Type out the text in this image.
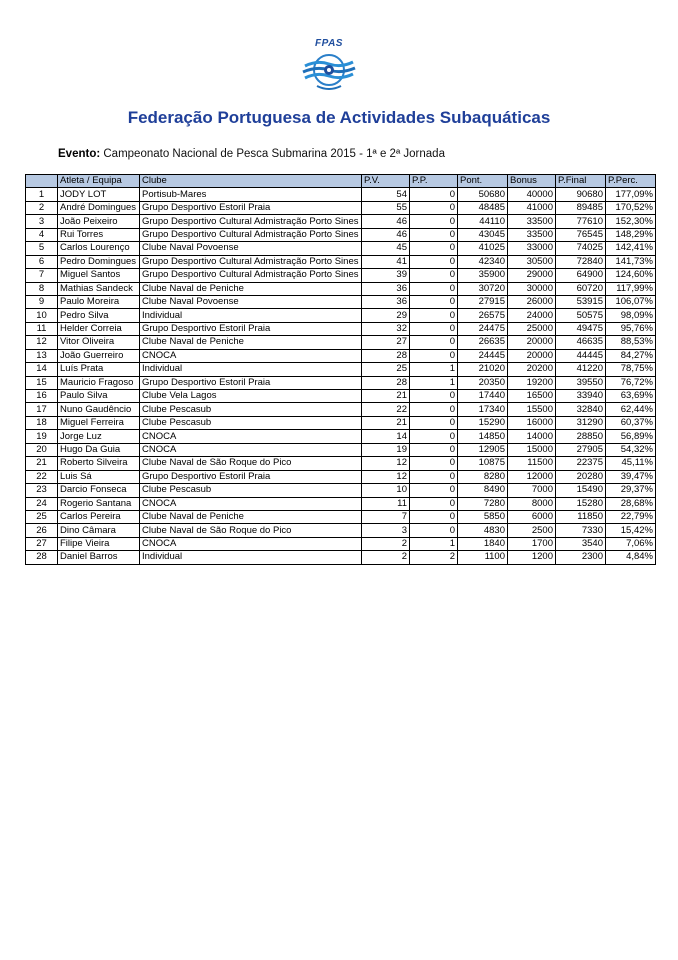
FPAS
Federação Portuguesa de Actividades Subaquáticas
Evento: Campeonato Nacional de Pesca Submarina 2015 - 1ª e 2ª Jornada
	Atleta / Equipa	Clube	P.V.	P.P.	Pont.	Bonus	P.Final	P.Perc.
1	JODY LOT	Portisub-Mares	54	0	50680	40000	90680	177,09%
2	André Domingues	Grupo Desportivo Estoril Praia	55	0	48485	41000	89485	170,52%
3	João Peixeiro	Grupo Desportivo Cultural Admistração Porto Sines	46	0	44110	33500	77610	152,30%
4	Rui Torres	Grupo Desportivo Cultural Admistração Porto Sines	46	0	43045	33500	76545	148,29%
5	Carlos Lourenço	Clube Naval Povoense	45	0	41025	33000	74025	142,41%
6	Pedro Domingues	Grupo Desportivo Cultural Admistração Porto Sines	41	0	42340	30500	72840	141,73%
7	Miguel Santos	Grupo Desportivo Cultural Admistração Porto Sines	39	0	35900	29000	64900	124,60%
8	Mathias Sandeck	Clube Naval de Peniche	36	0	30720	30000	60720	117,99%
9	Paulo Moreira	Clube Naval Povoense	36	0	27915	26000	53915	106,07%
10	Pedro Silva	Individual	29	0	26575	24000	50575	98,09%
11	Helder Correia	Grupo Desportivo Estoril Praia	32	0	24475	25000	49475	95,76%
12	Vitor Oliveira	Clube Naval de Peniche	27	0	26635	20000	46635	88,53%
13	João Guerreiro	CNOCA	28	0	24445	20000	44445	84,27%
14	Luís Prata	Individual	25	1	21020	20200	41220	78,75%
15	Mauricio Fragoso	Grupo Desportivo Estoril Praia	28	1	20350	19200	39550	76,72%
16	Paulo Silva	Clube Vela Lagos	21	0	17440	16500	33940	63,69%
17	Nuno Gaudêncio	Clube Pescasub	22	0	17340	15500	32840	62,44%
18	Miguel Ferreira	Clube Pescasub	21	0	15290	16000	31290	60,37%
19	Jorge Luz	CNOCA	14	0	14850	14000	28850	56,89%
20	Hugo Da Guia	CNOCA	19	0	12905	15000	27905	54,32%
21	Roberto Silveira	Clube Naval de São Roque do Pico	12	0	10875	11500	22375	45,11%
22	Luis Sá	Grupo Desportivo Estoril Praia	12	0	8280	12000	20280	39,47%
23	Darcio Fonseca	Clube Pescasub	10	0	8490	7000	15490	29,37%
24	Rogerio Santana	CNOCA	11	0	7280	8000	15280	28,68%
25	Carlos Pereira	Clube Naval de Peniche	7	0	5850	6000	11850	22,79%
26	Dino Câmara	Clube Naval de São Roque do Pico	3	0	4830	2500	7330	15,42%
27	Filipe Vieira	CNOCA	2	1	1840	1700	3540	7,06%
28	Daniel Barros	Individual	2	2	1100	1200	2300	4,84%
